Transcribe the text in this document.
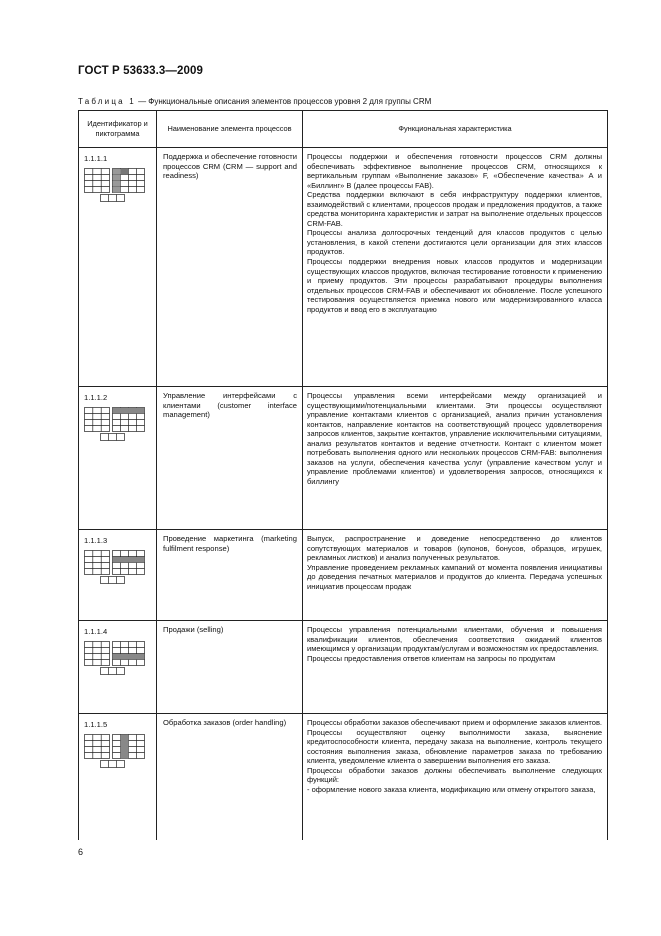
ГОСТ Р 53633.3—2009
Таблица 1 — Функциональные описания элементов процессов уровня 2 для группы CRM
Идентификатор и пиктограмма	Наименование элемента процессов	Функциональная характеристика

1.1.1.1	Поддержка и обеспечение готовности процессов CRM (CRM — support and readiness)	Процессы поддержки и обеспечения готовности процессов CRM должны обеспечивать эффективное выполнение процессов CRM, относящихся к вертикальным группам «Выполнение заказов» F, «Обеспечение качества» A и «Биллинг» B (далее процессы FAB).

Средства поддержки включают в себя инфраструктуру поддержки клиентов, взаимодействий с клиентами, процессов продаж и предложения продуктов, а также средства мониторинга характеристик и затрат на выполнение отдельных процессов CRM-FAB.

Процессы анализа долгосрочных тенденций для классов продуктов с целью установления, в какой степени достигаются цели организации для этих классов продуктов.

Процессы поддержки внедрения новых классов продуктов и модернизации существующих классов продуктов, включая тестирование готовности к применению и приему продуктов. Эти процессы разрабатывают процедуры выполнения отдельных процессов CRM-FAB и обеспечивают их обновление. После успешного тестирования осуществляется приемка нового или модернизированного класса продуктов и ввод его в эксплуатацию

1.1.1.2	Управление интерфейсами с клиентами (customer interface management)	Процессы управления всеми интерфейсами между организацией и существующими/потенциальными клиентами. Эти процессы осуществляют управление контактами клиентов с организацией, анализ причин установления контактов, направление контактов на соответствующий процесс удовлетворения запросов клиентов, закрытие контактов, управление исключительными ситуациями, анализ результатов контактов и ведение отчетности. Контакт с клиентом может потребовать выполнения одного или нескольких процессов CRM-FAB: выполнения заказов на услуги, обеспечения качества услуг (управление качеством услуг и управление проблемами клиентов) и удовлетворения запросов, относящихся к биллингу

1.1.1.3	Проведение маркетинга (marketing fulfilment response)	Выпуск, распространение и доведение непосредственно до клиентов сопутствующих материалов и товаров (купонов, бонусов, образцов, игрушек, рекламных листков) и анализ полученных результатов.

Управление проведением рекламных кампаний от момента появления инициативы до доведения печатных материалов и продуктов до клиента. Передача успешных инициатив процессам продаж

1.1.1.4	Продажи (selling)	Процессы управления потенциальными клиентами, обучения и повышения квалификации клиентов, обеспечения соответствия ожиданий клиентов имеющимся у организации продуктам/услугам и возможностям их предоставления.

Процессы предоставления ответов клиентам на запросы по продуктам

1.1.1.5	Обработка заказов (order handling)	Процессы обработки заказов обеспечивают прием и оформление заказов клиентов. Процессы осуществляют оценку выполнимости заказа, выяснение кредитоспособности клиента, передачу заказа на выполнение, контроль текущего состояния выполнения заказа, обновление параметров заказа по требованию клиента, уведомление клиента о завершении выполнения его заказа.

Процессы обработки заказов должны обеспечивать выполнение следующих функций:

- оформление нового заказа клиента, модификацию или отмену открытого заказа,

6
